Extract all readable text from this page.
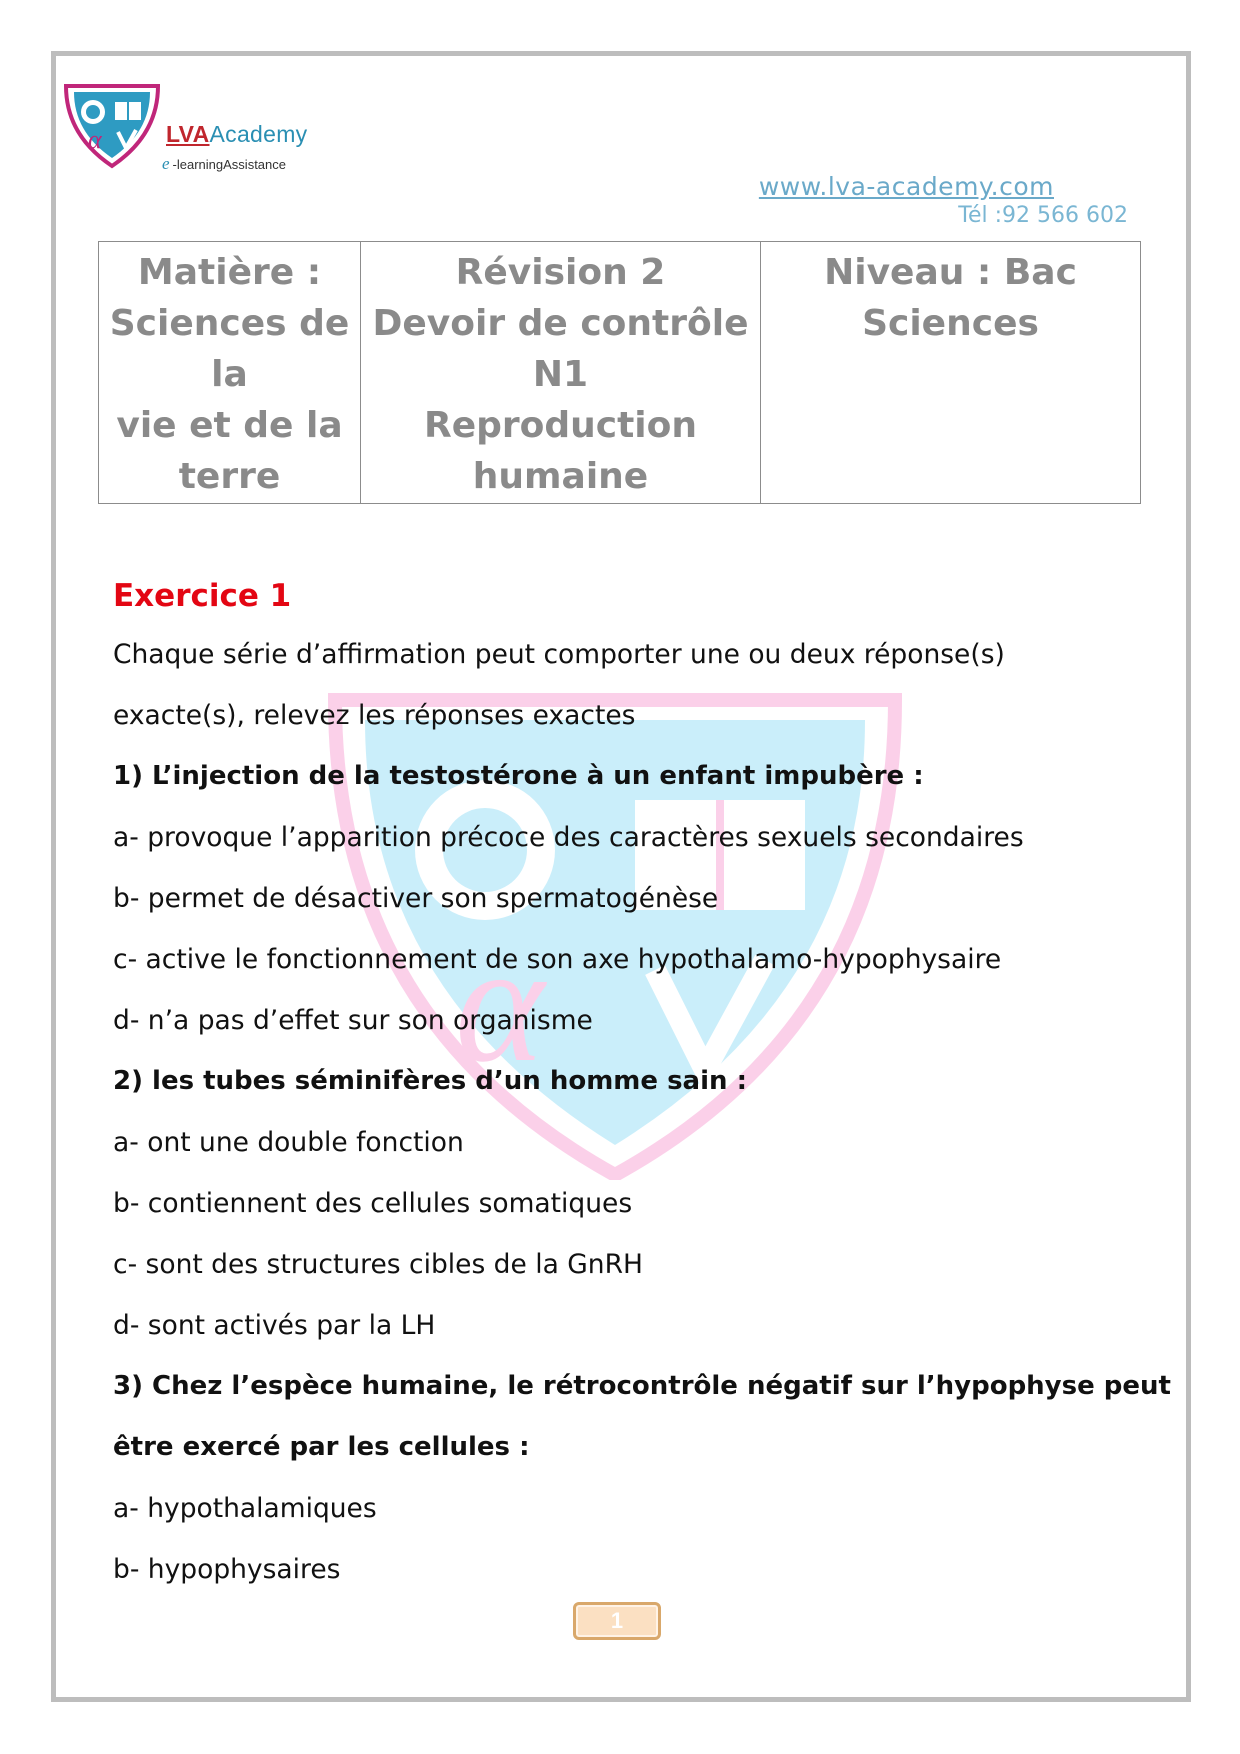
α	LVAAcademy
e -learningAssistance
www.lva-academy.com
Tél :92 566 602
Matière :
Sciences de la
vie et de la
terre

Révision 2
Devoir de contrôle N1
Reproduction humaine

Niveau : Bac
Sciences
α

Exercice 1

Chaque série d’affirmation peut comporter une ou deux réponse(s)

exacte(s), relevez les réponses exactes

1) L’injection de la testostérone à un enfant impubère :

a- provoque l’apparition précoce des caractères sexuels secondaires

b- permet de désactiver son spermatogénèse

c- active le fonctionnement de son axe hypothalamo-hypophysaire

d- n’a pas d’effet sur son organisme

2) les tubes séminifères d’un homme sain :

a- ont une double fonction

b- contiennent des cellules somatiques

c- sont des structures cibles de la GnRH

d- sont activés par la LH

3) Chez l’espèce humaine, le rétrocontrôle négatif sur l’hypophyse peut

être exercé par les cellules :

a- hypothalamiques

b- hypophysaires

1
